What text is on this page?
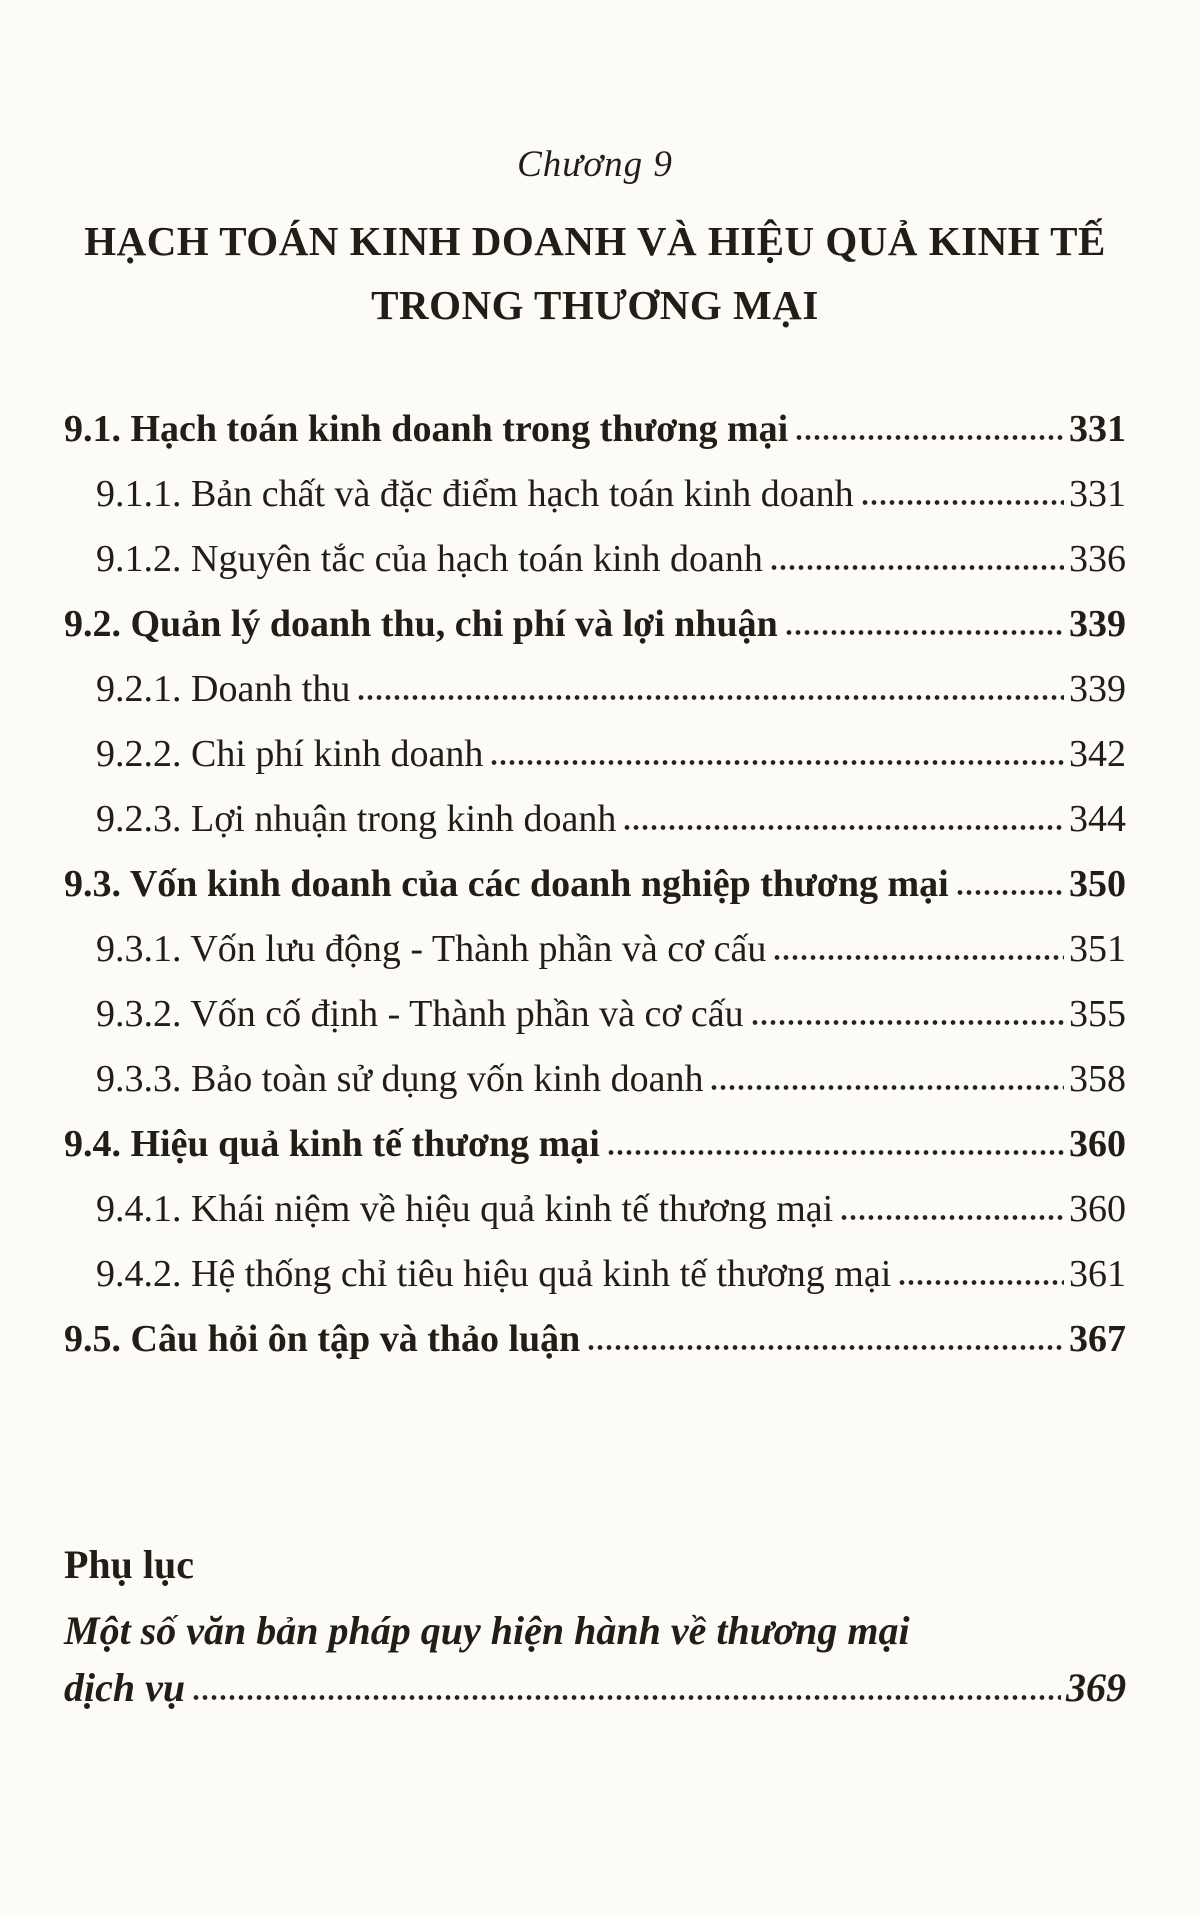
Chương 9
HẠCH TOÁN KINH DOANH VÀ HIỆU QUẢ KINH TẾ
TRONG THƯƠNG MẠI
9.1. Hạch toán kinh doanh trong thương mại	331
9.1.1. Bản chất và đặc điểm hạch toán kinh doanh	331
9.1.2. Nguyên tắc của hạch toán kinh doanh	336
9.2. Quản lý doanh thu, chi phí và lợi nhuận	339
9.2.1. Doanh thu	339
9.2.2. Chi phí kinh doanh	342
9.2.3. Lợi nhuận trong kinh doanh	344
9.3. Vốn kinh doanh của các doanh nghiệp thương mại	350
9.3.1. Vốn lưu động - Thành phần và cơ cấu	351
9.3.2. Vốn cố định - Thành phần và cơ cấu	355
9.3.3. Bảo toàn sử dụng vốn kinh doanh	358
9.4. Hiệu quả kinh tế thương mại	360
9.4.1. Khái niệm về hiệu quả kinh tế thương mại	360
9.4.2. Hệ thống chỉ tiêu hiệu quả kinh tế thương mại	361
9.5. Câu hỏi ôn tập và thảo luận	367
Phụ lục
Một số văn bản pháp quy hiện hành về thương mại
dịch vụ	369
